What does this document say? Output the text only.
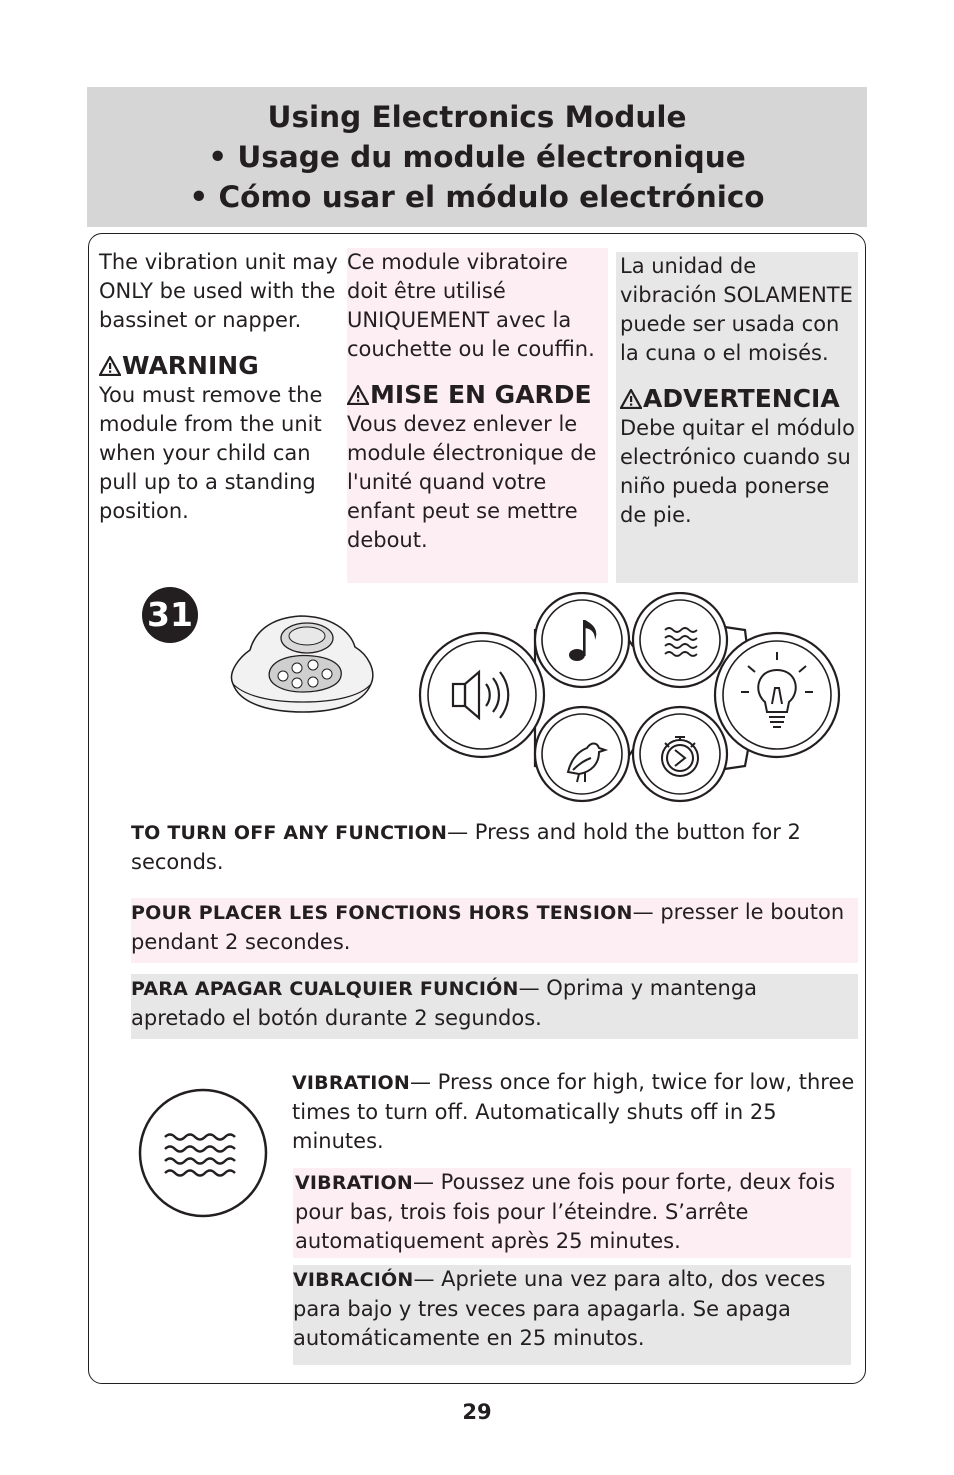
Using Electronics Module
• Usage du module électronique
• Cómo usar el módulo electrónico

The vibration unit may ONLY be used with the bassinet or napper.

WARNING

You must remove the module from the unit when your child can pull up to a standing position.

Ce module vibratoire doit être utilisé UNIQUEMENT avec la couchette ou le couffin.

MISE EN GARDE

Vous devez enlever le module électronique de l'unité quand votre enfant peut se mettre debout.

La unidad de vibración SOLAMENTE puede ser usada con la cuna o el moisés.

ADVERTENCIA

Debe quitar el módulo electrónico cuando su niño pueda ponerse de pie.

31
TO TURN OFF ANY FUNCTION— Press and hold the button for 2 seconds.
POUR PLACER LES FONCTIONS HORS TENSION— presser le bouton pendant 2 secondes.
PARA APAGAR CUALQUIER FUNCIÓN— Oprima y mantenga apretado el botón durante 2 segundos.
VIBRATION— Press once for high, twice for low, three times to turn off. Automatically shuts off in 25 minutes.
VIBRATION— Poussez une fois pour forte, deux fois pour bas, trois fois pour l’éteindre. S’arrête automatiquement après 25 minutes.
VIBRACIÓN— Apriete una vez para alto, dos veces para bajo y tres veces para apagarla. Se apaga automáticamente en 25 minutos.
29
